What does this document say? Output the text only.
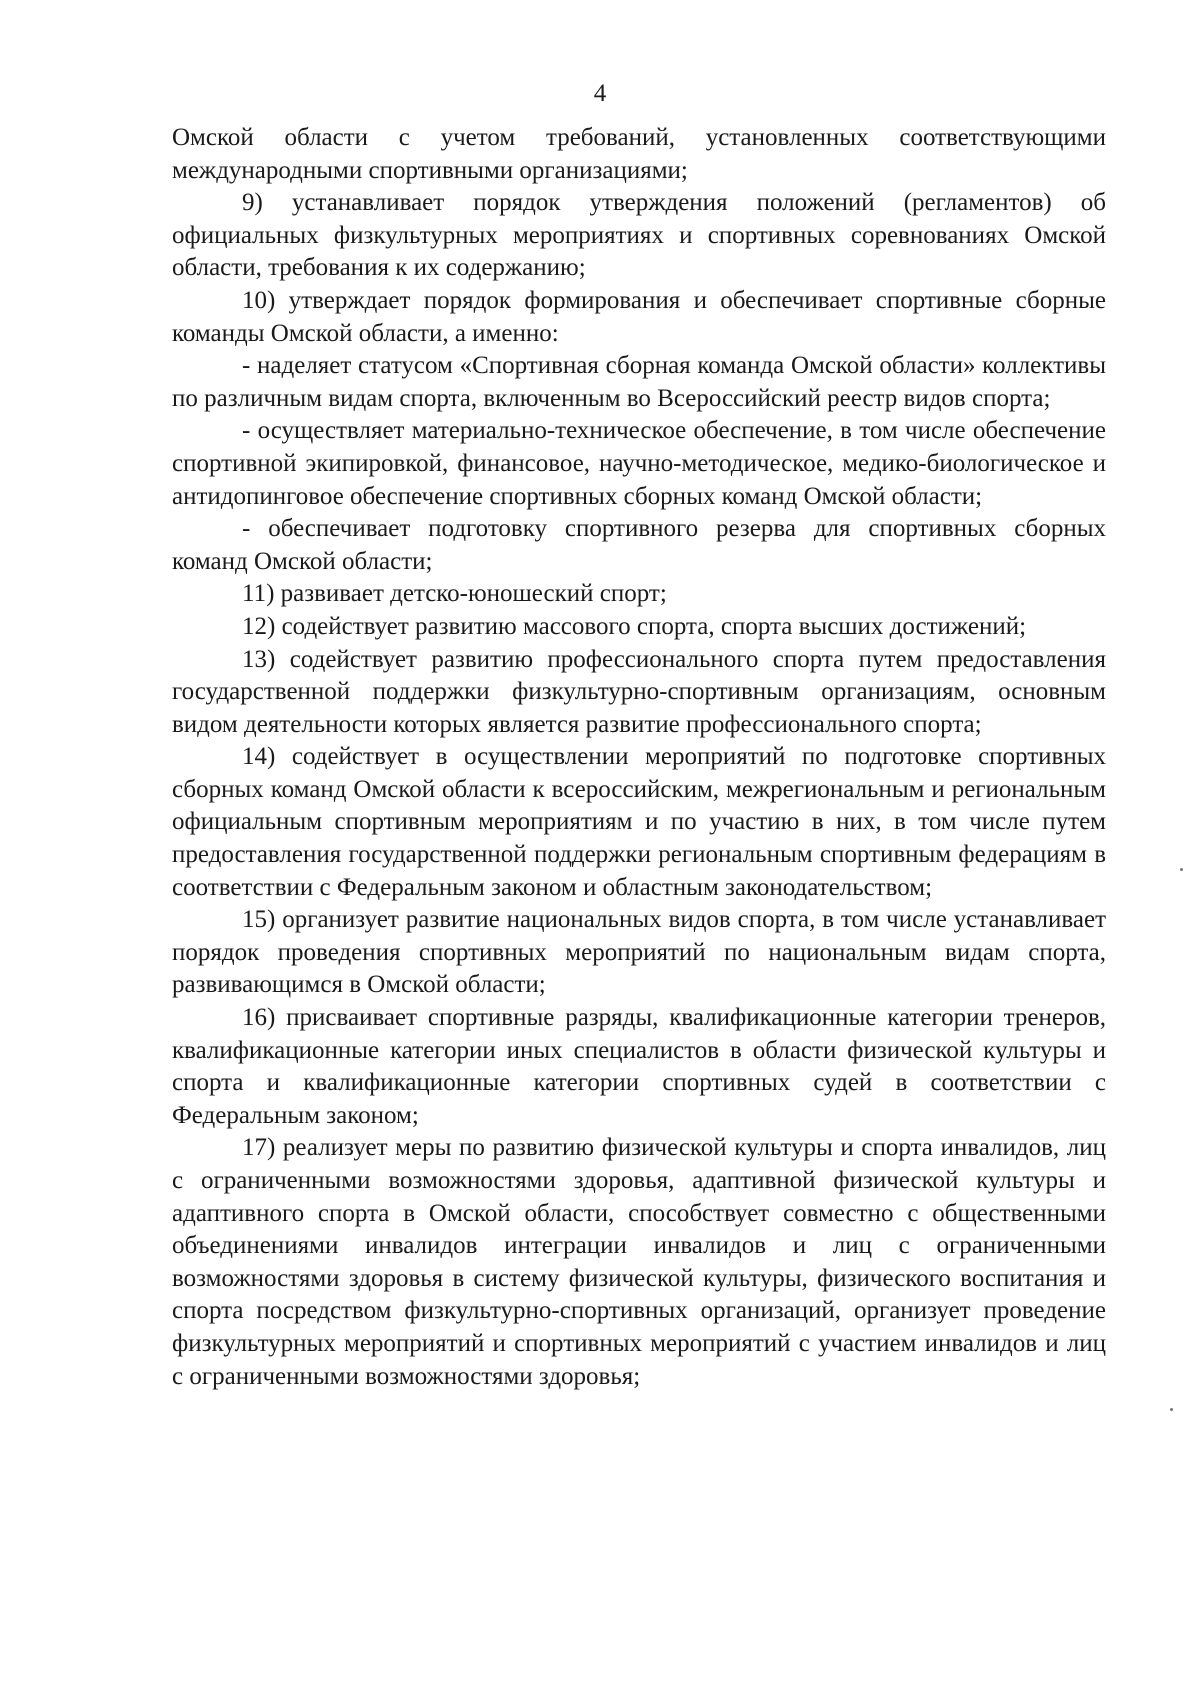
4

Омской области с учетом требований, установленных соответствующими международными спортивными организациями;

9) устанавливает порядок утверждения положений (регламентов) об официальных физкультурных мероприятиях и спортивных соревнованиях Омской области, требования к их содержанию;

10) утверждает порядок формирования и обеспечивает спортивные сборные команды Омской области, а именно:

- наделяет статусом «Спортивная сборная команда Омской области» коллективы по различным видам спорта, включенным во Всероссийский реестр видов спорта;

- осуществляет материально-техническое обеспечение, в том числе обеспечение спортивной экипировкой, финансовое, научно-методическое, медико-биологическое и антидопинговое обеспечение спортивных сборных команд Омской области;

- обеспечивает подготовку спортивного резерва для спортивных сборных команд Омской области;

11) развивает детско-юношеский спорт;

12) содействует развитию массового спорта, спорта высших достижений;

13) содействует развитию профессионального спорта путем предоставления государственной поддержки физкультурно-спортивным организациям, основным видом деятельности которых является развитие профессионального спорта;

14) содействует в осуществлении мероприятий по подготовке спортивных сборных команд Омской области к всероссийским, межрегиональным и региональным официальным спортивным мероприятиям и по участию в них, в том числе путем предоставления государственной поддержки региональным спортивным федерациям в соответствии с Федеральным законом и областным законодательством;

15) организует развитие национальных видов спорта, в том числе устанавливает порядок проведения спортивных мероприятий по национальным видам спорта, развивающимся в Омской области;

16) присваивает спортивные разряды, квалификационные категории тренеров, квалификационные категории иных специалистов в области физической культуры и спорта и квалификационные категории спортивных судей в соответствии с Федеральным законом;

17) реализует меры по развитию физической культуры и спорта инвалидов, лиц с ограниченными возможностями здоровья, адаптивной физической культуры и адаптивного спорта в Омской области, способствует совместно с общественными объединениями инвалидов интеграции инвалидов и лиц с ограниченными возможностями здоровья в систему физической культуры, физического воспитания и спорта посредством физкультурно-спортивных организаций, организует проведение физкультурных мероприятий и спортивных мероприятий с участием инвалидов и лиц с ограниченными возможностями здоровья;
